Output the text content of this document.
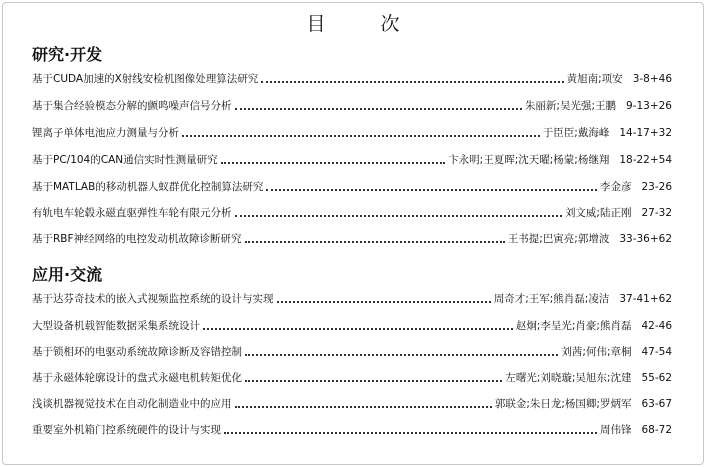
目　次
研究·开发
基于CUDA加速的X射线安检机图像处理算法研究	黄旭南;项安 3-8+46
基于集合经验模态分解的颤鸣噪声信号分析	朱丽新;吴光强;王鹏 9-13+26
锂离子单体电池应力测量与分析	于臣臣;戴海峰 14-17+32
基于PC/104的CAN通信实时性测量研究	卞永明;王夏晖;沈天曜;杨蒙;杨继翔 18-22+54
基于MATLAB的移动机器人蚁群优化控制算法研究	李金彦 23-26
有轨电车轮毂永磁直驱弹性车轮有限元分析	刘文威;陆正刚 27-32
基于RBF神经网络的电控发动机故障诊断研究	王书提;巴寅亮;郭增波 33-36+62
应用·交流
基于达芬奇技术的嵌入式视频监控系统的设计与实现	周奇才;王军;熊肖磊;凌洁 37-41+62
大型设备机载智能数据采集系统设计	赵炯;李呈光;肖豪;熊肖磊 42-46
基于锁相环的电驱动系统故障诊断及容错控制	刘茜;何伟;章桐 47-54
基于永磁体轮廓设计的盘式永磁电机转矩优化	左曙光;刘晓璇;吴旭东;沈建 55-62
浅谈机器视觉技术在自动化制造业中的应用	郭联金;朱日龙;杨国卿;罗炳军 63-67
重要室外机箱门控系统硬件的设计与实现	周伟锋 68-72
